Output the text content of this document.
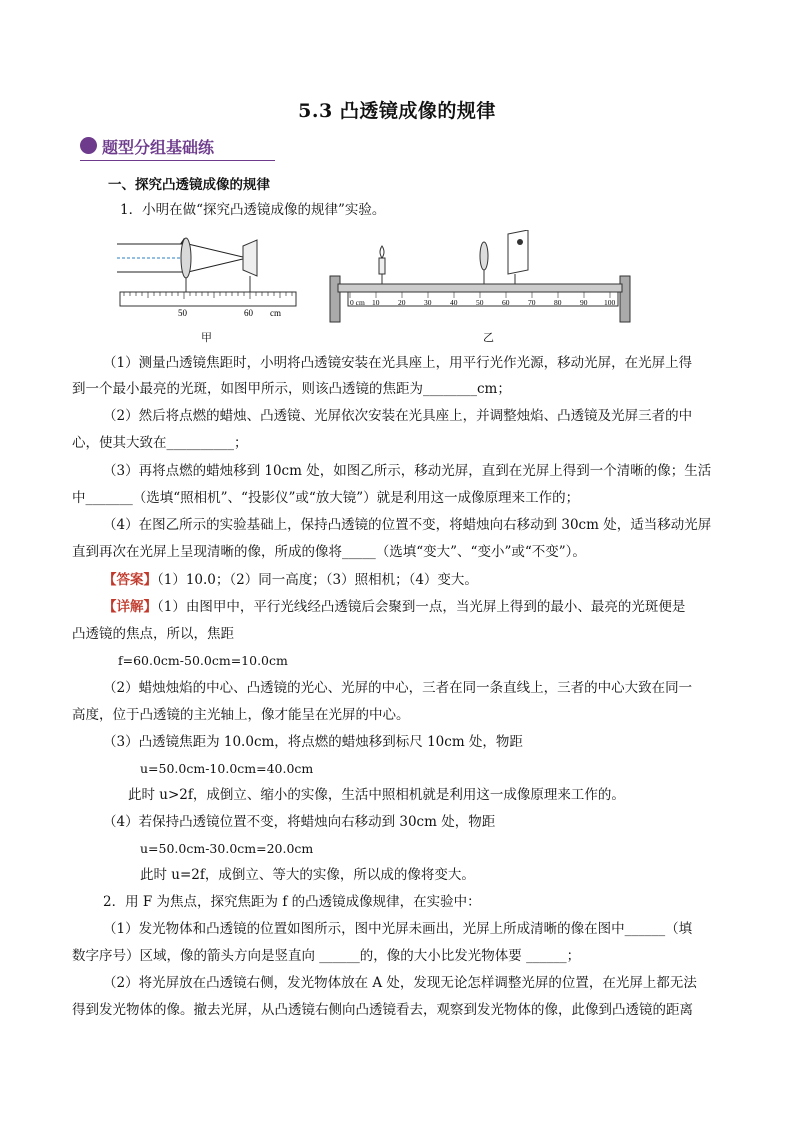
5.3 凸透镜成像的规律
题型分组基础练
一、探究凸透镜成像的规律
1．小明在做“探究凸透镜成像的规律”实验。
50	60 cm
甲
0 cm 10 20 30 40 50 60 70 80 90 100
乙
（1）测量凸透镜焦距时，小明将凸透镜安装在光具座上，用平行光作光源，移动光屏，在光屏上得
到一个最小最亮的光斑，如图甲所示，则该凸透镜的焦距为________cm；
（2）然后将点燃的蜡烛、凸透镜、光屏依次安装在光具座上，并调整烛焰、凸透镜及光屏三者的中
心，使其大致在__________；
（3）再将点燃的蜡烛移到 10cm 处，如图乙所示，移动光屏，直到在光屏上得到一个清晰的像；生活
中_______（选填“照相机”、“投影仪”或“放大镜”）就是利用这一成像原理来工作的；
（4）在图乙所示的实验基础上，保持凸透镜的位置不变，将蜡烛向右移动到 30cm 处，适当移动光屏
直到再次在光屏上呈现清晰的像，所成的像将_____（选填“变大”、“变小”或“不变”）。
【答案】（1）10.0；（2）同一高度；（3）照相机；（4）变大。
【详解】（1）由图甲中，平行光线经凸透镜后会聚到一点，当光屏上得到的最小、最亮的光斑便是
凸透镜的焦点，所以，焦距
f=60.0cm-50.0cm=10.0cm
（2）蜡烛烛焰的中心、凸透镜的光心、光屏的中心，三者在同一条直线上，三者的中心大致在同一
高度，位于凸透镜的主光轴上，像才能呈在光屏的中心。
（3）凸透镜焦距为 10.0cm，将点燃的蜡烛移到标尺 10cm 处，物距
u=50.0cm-10.0cm=40.0cm
此时 u>2f，成倒立、缩小的实像，生活中照相机就是利用这一成像原理来工作的。
（4）若保持凸透镜位置不变，将蜡烛向右移动到 30cm 处，物距
u=50.0cm-30.0cm=20.0cm
此时 u=2f，成倒立、等大的实像，所以成的像将变大。
2．用 F 为焦点，探究焦距为 f 的凸透镜成像规律，在实验中：
（1）发光物体和凸透镜的位置如图所示，图中光屏未画出，光屏上所成清晰的像在图中______（填
数字序号）区域，像的箭头方向是竖直向 ______的，像的大小比发光物体要 ______；
（2）将光屏放在凸透镜右侧，发光物体放在 A 处，发现无论怎样调整光屏的位置，在光屏上都无法
得到发光物体的像。撤去光屏，从凸透镜右侧向凸透镜看去，观察到发光物体的像，此像到凸透镜的距离
